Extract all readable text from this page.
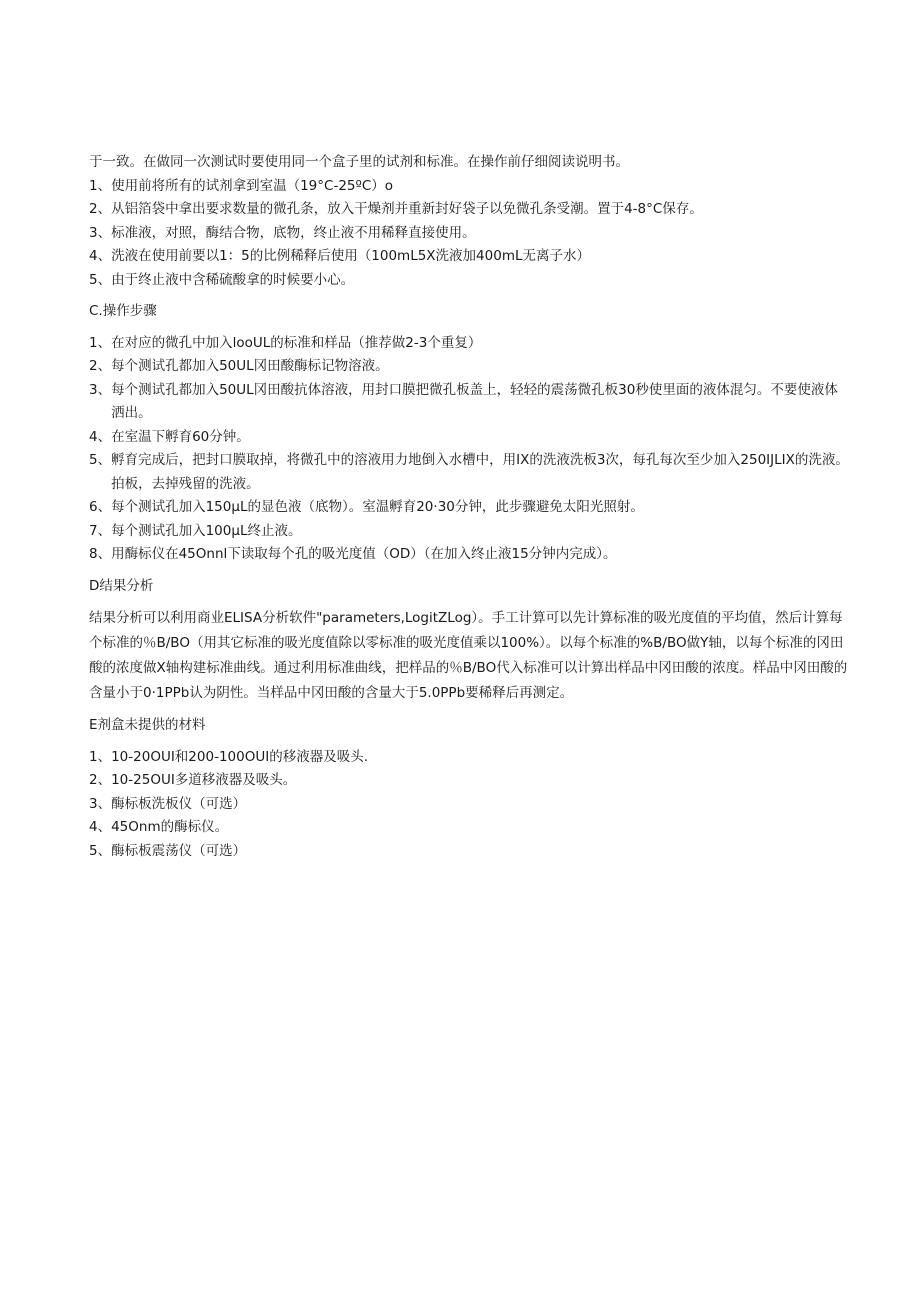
于一致。在做同一次测试时要使用同一个盒子里的试剂和标准。在操作前仔细阅读说明书。
1、 使用前将所有的试剂拿到室温（19°C-25ºC）o
2、 从铝箔袋中拿出要求数量的微孔条，放入干燥剂并重新封好袋子以免微孔条受潮。置于4-8°C保存。
3、 标准液，对照，酶结合物，底物，终止液不用稀释直接使用。
4、 洗液在使用前要以1：5的比例稀释后使用（100mL5X洗液加400mL无离子水）
5、 由于终止液中含稀硫酸拿的时候要小心。
C.操作步骤
1、 在对应的微孔中加入looUL的标准和样品（推荐做2-3个重复）
2、 每个测试孔都加入50UL冈田酸酶标记物溶液。
3、 每个测试孔都加入50UL冈田酸抗体溶液，用封口膜把微孔板盖上，轻轻的震荡微孔板30秒使里面的液体混匀。不要使液体洒出。
4、 在室温下孵育60分钟。
5、 孵育完成后，把封口膜取掉，将微孔中的溶液用力地倒入水槽中，用IX的洗液洗板3次，每孔每次至少加入250IJLIX的洗液。拍板，去掉残留的洗液。
6、 每个测试孔加入150μL的显色液（底物）。室温孵育20·30分钟，此步骤避免太阳光照射。
7、 每个测试孔加入100μL终止液。
8、 用酶标仪在45Onnl下读取每个孔的吸光度值（OD）（在加入终止液15分钟内完成）。
D结果分析
结果分析可以利用商业ELISA分析软件"parameters,LogitZLog）。手工计算可以先计算标准的吸光度值的平均值，然后计算每个标准的％B∕BO（用其它标准的吸光度值除以零标准的吸光度值乘以100%）。以每个标准的%B∕BO做Y轴，以每个标准的冈田酸的浓度做X轴构建标准曲线。通过利用标准曲线，把样品的％B∕BO代入标准可以计算出样品中冈田酸的浓度。样品中冈田酸的含量小于0·1PPb认为阴性。当样品中冈田酸的含量大于5.0PPb要稀释后再测定。
E剂盒未提供的材料
1、 10-20OUI和200-100OUI的移液器及吸头.
2、 10-25OUI多道移液器及吸头。
3、 酶标板洗板仪（可选）
4、 45Onm的酶标仪。
5、 酶标板震荡仪（可选）
